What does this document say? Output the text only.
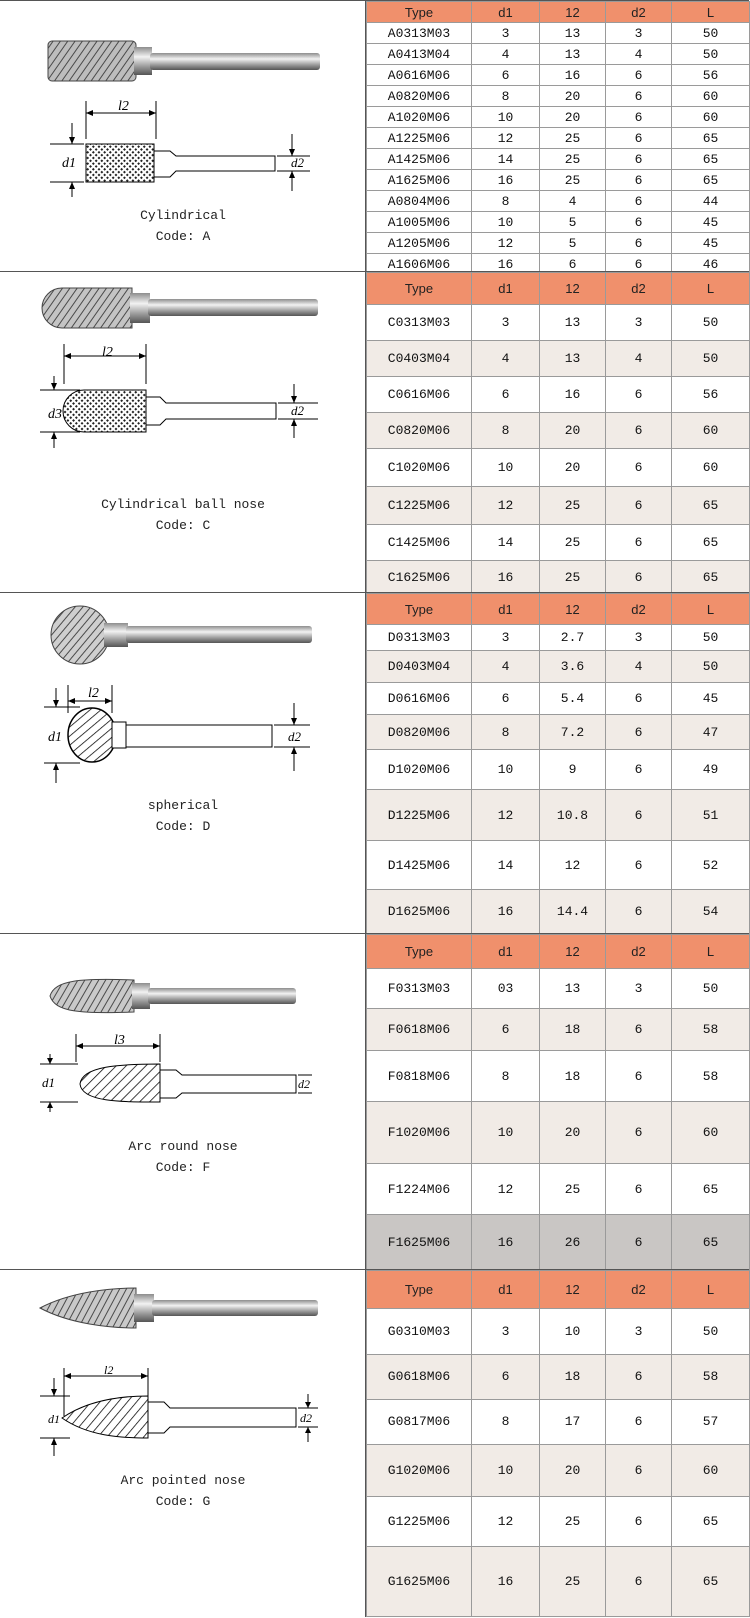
l2
d1	d2
Cylindrical
Code: A
Type	d1	12	d2	L
A0313M03	3	13	3	50
A0413M04	4	13	4	50
A0616M06	6	16	6	56
A0820M06	8	20	6	60
A1020M06	10	20	6	60
A1225M06	12	25	6	65
A1425M06	14	25	6	65
A1625M06	16	25	6	65
A0804M06	8	4	6	44
A1005M06	10	5	6	45
A1205M06	12	5	6	45
A1606M06	16	6	6	46
l2
d3	d2
Cylindrical ball nose
Code: C
Type	d1	12	d2	L
C0313M03	3	13	3	50
C0403M04	4	13	4	50
C0616M06	6	16	6	56
C0820M06	8	20	6	60
C1020M06	10	20	6	60
C1225M06	12	25	6	65
C1425M06	14	25	6	65
C1625M06	16	25	6	65
l2
d1	d2
spherical
Code: D
Type	d1	12	d2	L
D0313M03	3	2.7	3	50
D0403M04	4	3.6	4	50
D0616M06	6	5.4	6	45
D0820M06	8	7.2	6	47
D1020M06	10	9	6	49
D1225M06	12	10.8	6	51
D1425M06	14	12	6	52
D1625M06	16	14.4	6	54
l3
d1	d2
Arc round nose
Code: F
Type	d1	12	d2	L
F0313M03	03	13	3	50
F0618M06	6	18	6	58
F0818M06	8	18	6	58
F1020M06	10	20	6	60
F1224M06	12	25	6	65
F1625M06	16	26	6	65
l2
d1	d2
Arc pointed nose
Code: G
Type	d1	12	d2	L
G0310M03	3	10	3	50
G0618M06	6	18	6	58
G0817M06	8	17	6	57
G1020M06	10	20	6	60
G1225M06	12	25	6	65
G1625M06	16	25	6	65
